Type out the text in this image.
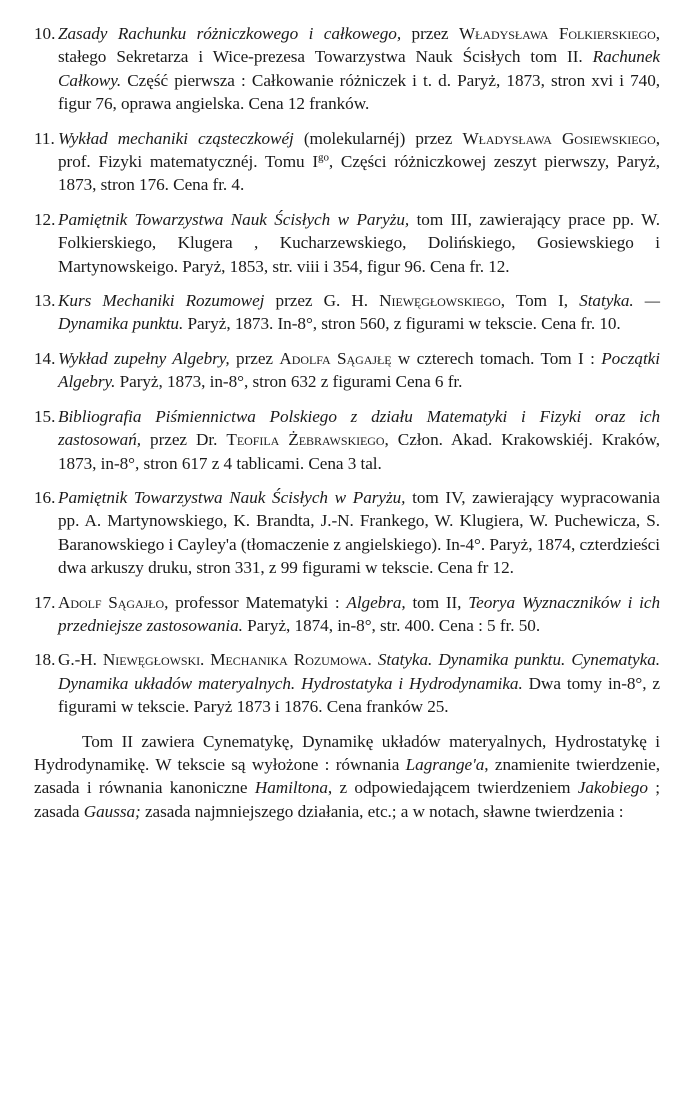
10. Zasady Rachunku różniczkowego i całkowego, przez Władysława Folkierskiego, stałego Sekretarza i Wice-prezesa Towarzystwa Nauk Ścisłych tom II. Rachunek Całkowy. Część pierwsza : Całkowanie różniczek i t. d. Paryż, 1873, stron xvi i 740, figur 76, oprawa angielska. Cena 12 franków.

11. Wykład mechaniki cząsteczkowéj (molekularnéj) przez Władysława Gosiewskiego, prof. Fizyki matematycznéj. Tomu $I^{go}$, Części różniczkowej zeszyt pierwszy, Paryż, 1873, stron 176. Cena fr. 4.

12. Pamiętnik Towarzystwa Nauk Ścisłych w Paryżu, tom III, zawierający prace pp. W. Folkierskiego, Klugera , Kucharzewskiego, Dolińskiego, Gosiewskiego i Martynowskeigo. Paryż, 1853, str. viii i 354, figur 96. Cena fr. 12.

13. Kurs Mechaniki Rozumowej przez G. H. Niewęgłowskiego, Tom I, Statyka. — Dynamika punktu. Paryż, 1873. In-8°, stron 560, z figurami w tekscie. Cena fr. 10.

14. Wykład zupełny Algebry, przez Adolfa Sągajłę w czterech tomach. Tom I : Początki Algebry. Paryż, 1873, in-8°, stron 632 z figurami Cena 6 fr.

15. Bibliografia Piśmiennictwa Polskiego z działu Matematyki i Fizyki oraz ich zastosowań, przez Dr. Teofila Żebrawskiego, Człon. Akad. Krakowskiéj. Kraków, 1873, in-8°, stron 617 z 4 tablicami. Cena 3 tal.

16. Pamiętnik Towarzystwa Nauk Ścisłych w Paryżu, tom IV, zawierający wypracowania pp. A. Martynowskiego, K. Brandta, J.-N. Frankego, W. Klugiera, W. Puchewicza, S. Baranowskiego i Cayley'a (tłomaczenie z angielskiego). In-4°. Paryż, 1874, czterdzieści dwa arkuszy druku, stron 331, z 99 figurami w tekscie. Cena fr 12.

17. Adolf Sągajło, professor Matematyki : Algebra, tom II, Teorya Wyznaczników i ich przedniejsze zastosowania. Paryż, 1874, in-8°, str. 400. Cena : 5 fr. 50.

18. G.-H. Niewęgłowski. Mechanika Rozumowa. Statyka. Dynamika punktu. Cynematyka. Dynamika układów materyalnych. Hydrostatyka i Hydrodynamika. Dwa tomy in-8°, z figurami w tekscie. Paryż 1873 i 1876. Cena franków 25.

Tom II zawiera Cynematykę, Dynamikę układów materyalnych, Hydrostatykę i Hydrodynamikę. W tekscie są wyłożone : równania Lagrange'a, znamienite twierdzenie, zasada i równania kanoniczne Hamiltona, z odpowiedającem twierdzeniem Jakobiego ; zasada Gaussa; zasada najmniejszego działania, etc.; a w notach, sławne twierdzenia :
